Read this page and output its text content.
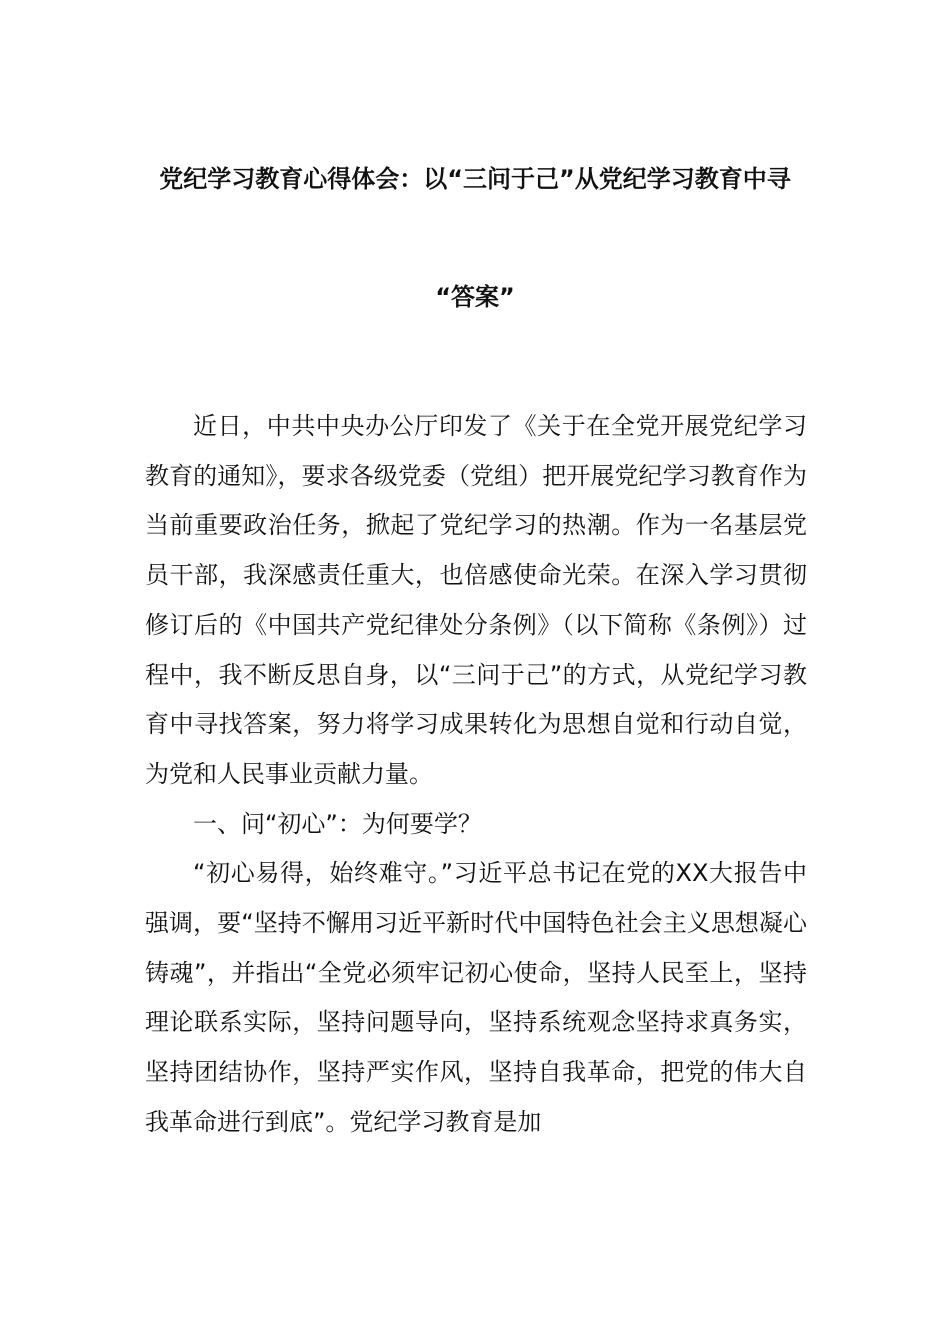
党纪学习教育心得体会：以“三问于己”从党纪学习教育中寻
“答案”

近日，中共中央办公厅印发了《关于在全党开展党纪学习教育的通知》，要求各级党委（党组）把开展党纪学习教育作为当前重要政治任务，掀起了党纪学习的热潮。作为一名基层党员干部，我深感责任重大，也倍感使命光荣。在深入学习贯彻修订后的《中国共产党纪律处分条例》（以下简称《条例》）过程中，我不断反思自身，以“三问于己”的方式，从党纪学习教育中寻找答案，努力将学习成果转化为思想自觉和行动自觉，为党和人民事业贡献力量。

一、问“初心”：为何要学？

“初心易得，始终难守。”习近平总书记在党的XX大报告中强调，要“坚持不懈用习近平新时代中国特色社会主义思想凝心铸魂”，并指出“全党必须牢记初心使命，坚持人民至上，坚持理论联系实际，坚持问题导向，坚持系统观念坚持求真务实，坚持团结协作，坚持严实作风，坚持自我革命，把党的伟大自我革命进行到底”。党纪学习教育是加
